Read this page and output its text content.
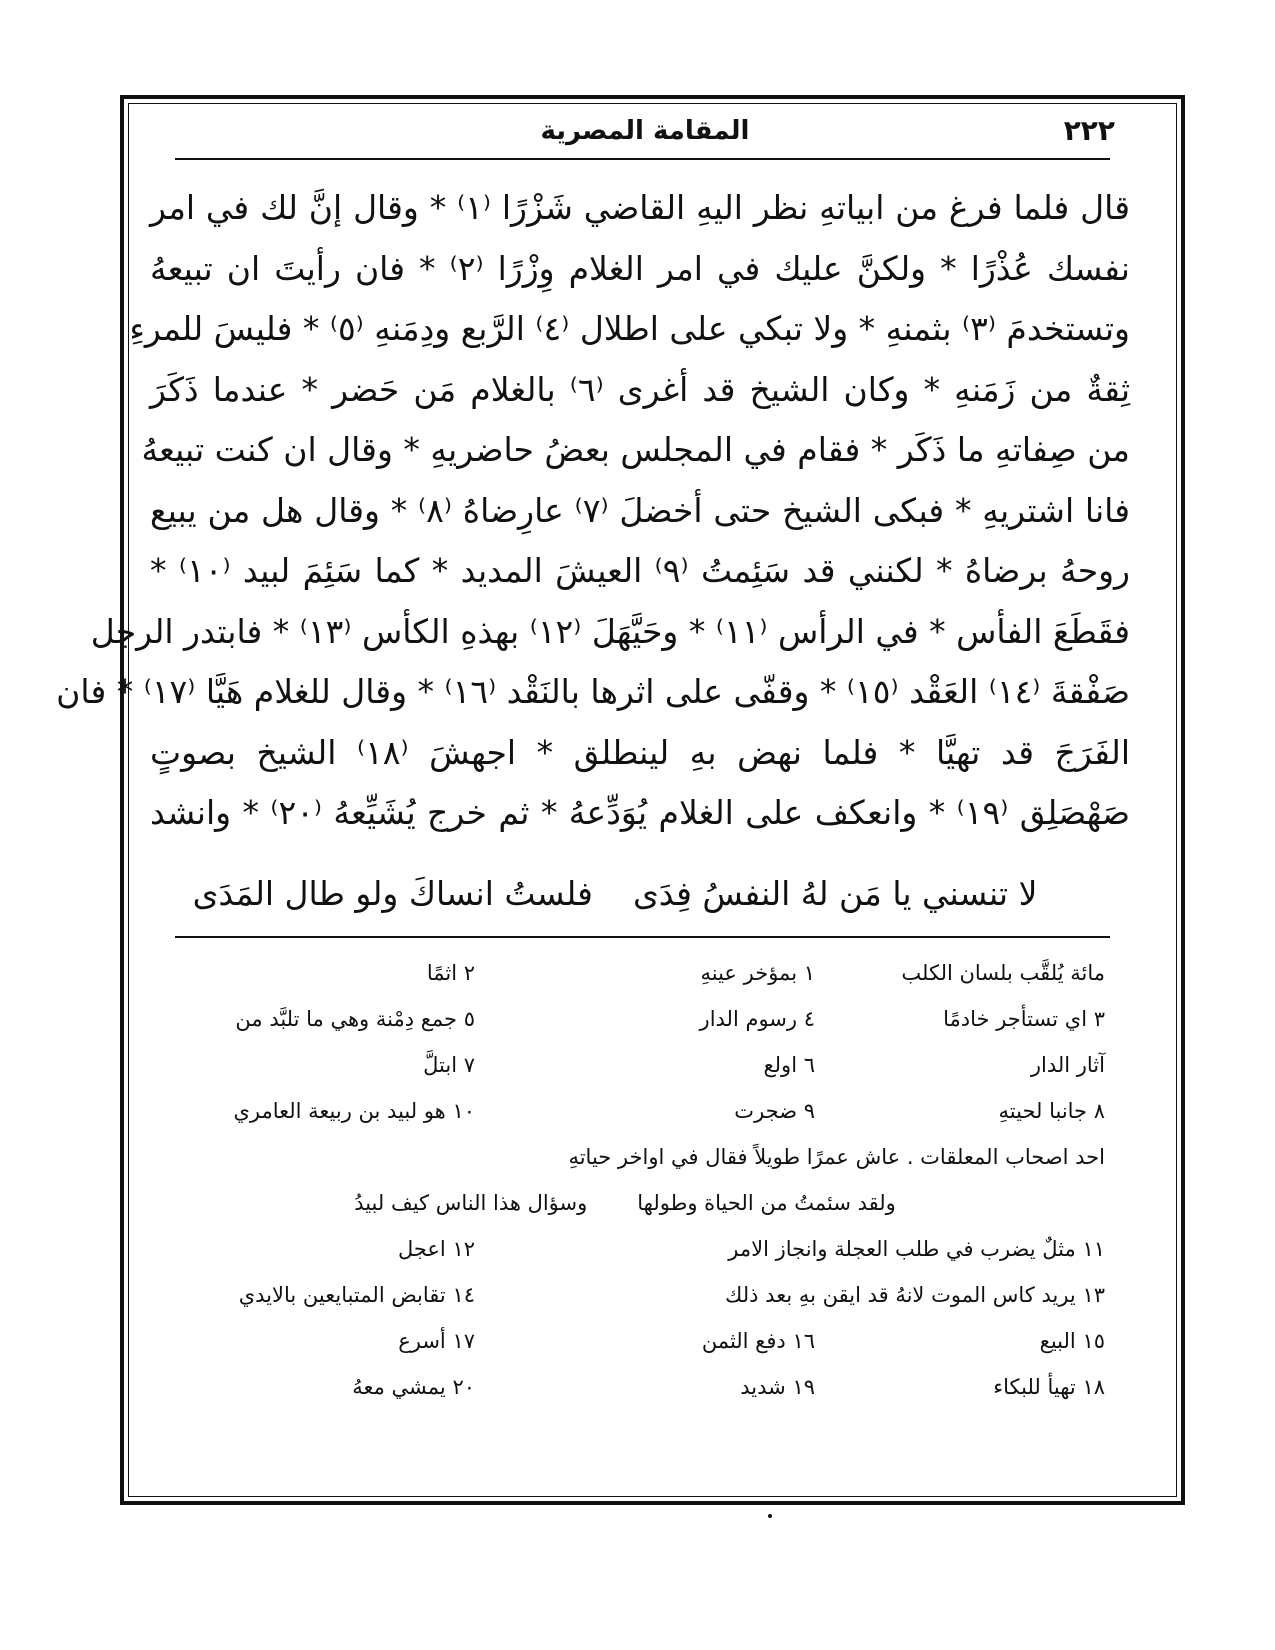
المقامة المصرية	٢٢٢
قال فلما فرغ من ابياتهِ نظر اليهِ القاضي شَزْرًا ⁽١⁾ * وقال إنَّ لك في امر
نفسك عُذْرًا * ولكنَّ عليك في امر الغلام وِزْرًا ⁽٢⁾ * فان رأيتَ ان تبيعهُ
وتستخدمَ ⁽٣⁾ بثمنهِ * ولا تبكي على اطلال ⁽٤⁾ الرَّبع ودِمَنهِ ⁽٥⁾ * فليسَ للمرءِ
ثِقةٌ من زَمَنهِ * وكان الشيخ قد أغرى ⁽٦⁾ بالغلام مَن حَضر * عندما ذَكَرَ
من صِفاتهِ ما ذَكَر * فقام في المجلس بعضُ حاضريهِ * وقال ان كنت تبيعهُ
فانا اشتريهِ * فبكى الشيخ حتى أخضلَ ⁽٧⁾ عارِضاهُ ⁽٨⁾ * وقال هل من يبيع
روحهُ برضاهُ * لكنني قد سَئِمتُ ⁽٩⁾ العيشَ المديد * كما سَئِمَ لبيد ⁽١٠⁾ *
فقَطَعَ الفأس * في الرأس ⁽١١⁾ * وحَيَّهَلَ ⁽١٢⁾ بهذهِ الكأس ⁽١٣⁾ * فابتدر الرجل
صَفْقةَ ⁽١٤⁾ العَقْد ⁽١٥⁾ * وقفّى على اثرها بالنَقْد ⁽١٦⁾ * وقال للغلام هَيَّا ⁽١٧⁾ * فان
الفَرَجَ قد تهيَّا * فلما نهض بهِ لينطلق * اجهشَ ⁽١٨⁾ الشيخ بصوتٍ
صَهْصَلِق ⁽١٩⁾ * وانعكف على الغلام يُوَدِّعهُ * ثم خرج يُشَيِّعهُ ⁽٢٠⁾ * وانشد
لا تنسني يا مَن لهُ النفسُ فِدَى
فلستُ انساكَ ولو طال المَدَى
مائة يُلقَّب بلسان الكلب
١ بمؤخر عينهِ
٢ اثمًا
٣ اي تستأجر خادمًا
٤ رسوم الدار
٥ جمع دِمْنة وهي ما تلبَّد من
آثار الدار
٦ اولع
٧ ابتلَّ
٨ جانبا لحيتهِ
٩ ضجرت
١٠ هو لبيد بن ربيعة العامري
احد اصحاب المعلقات . عاش عمرًا طويلاً فقال في اواخر حياتهِ
ولقد سئمتُ من الحياة وطولها
وسؤال هذا الناس كيف لبيدُ
١١ مثلٌ يضرب في طلب العجلة وانجاز الامر
١٢ اعجل
١٣ يريد كاس الموت لانهُ قد ايقن بهِ بعد ذلك
١٤ تقابض المتبايعين بالايدي
١٥ البيع
١٦ دفع الثمن
١٧ أسرع
١٨ تهيأ للبكاء
١٩ شديد
٢٠ يمشي معهُ
